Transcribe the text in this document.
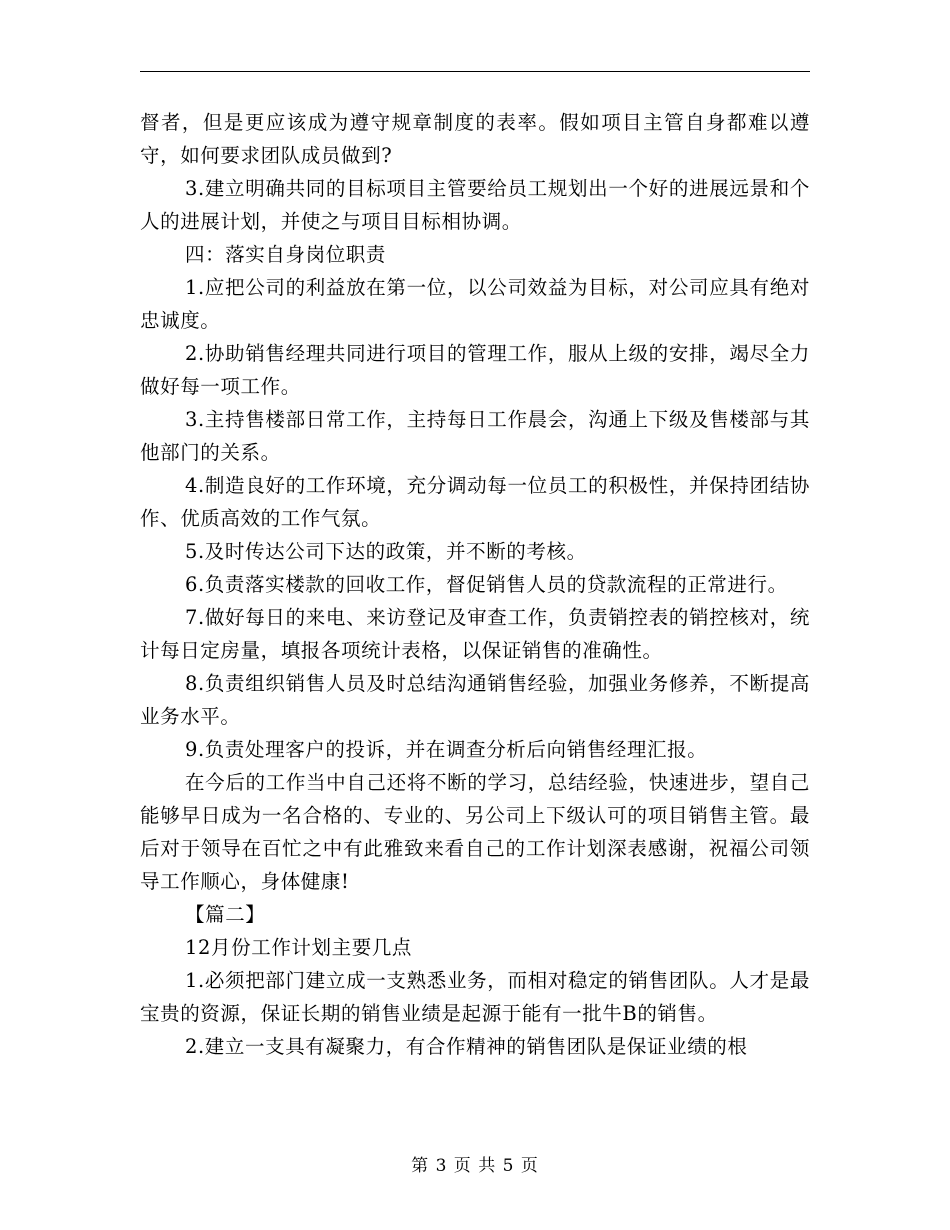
督者，但是更应该成为遵守规章制度的表率。假如项目主管自身都难以遵守，如何要求团队成员做到?

3.建立明确共同的目标项目主管要给员工规划出一个好的进展远景和个人的进展计划，并使之与项目目标相协调。

四：落实自身岗位职责

1.应把公司的利益放在第一位，以公司效益为目标，对公司应具有绝对忠诚度。

2.协助销售经理共同进行项目的管理工作，服从上级的安排，竭尽全力做好每一项工作。

3.主持售楼部日常工作，主持每日工作晨会，沟通上下级及售楼部与其他部门的关系。

4.制造良好的工作环境，充分调动每一位员工的积极性，并保持团结协作、优质高效的工作气氛。

5.及时传达公司下达的政策，并不断的考核。

6.负责落实楼款的回收工作，督促销售人员的贷款流程的正常进行。

7.做好每日的来电、来访登记及审查工作，负责销控表的销控核对，统计每日定房量，填报各项统计表格，以保证销售的准确性。

8.负责组织销售人员及时总结沟通销售经验，加强业务修养，不断提高业务水平。

9.负责处理客户的投诉，并在调查分析后向销售经理汇报。

在今后的工作当中自己还将不断的学习，总结经验，快速进步，望自己能够早日成为一名合格的、专业的、另公司上下级认可的项目销售主管。最后对于领导在百忙之中有此雅致来看自己的工作计划深表感谢，祝福公司领导工作顺心，身体健康!

【篇二】

12月份工作计划主要几点

1.必须把部门建立成一支熟悉业务，而相对稳定的销售团队。人才是最宝贵的资源，保证长期的销售业绩是起源于能有一批牛B的销售。

2.建立一支具有凝聚力，有合作精神的销售团队是保证业绩的根

第 3 页 共 5 页
